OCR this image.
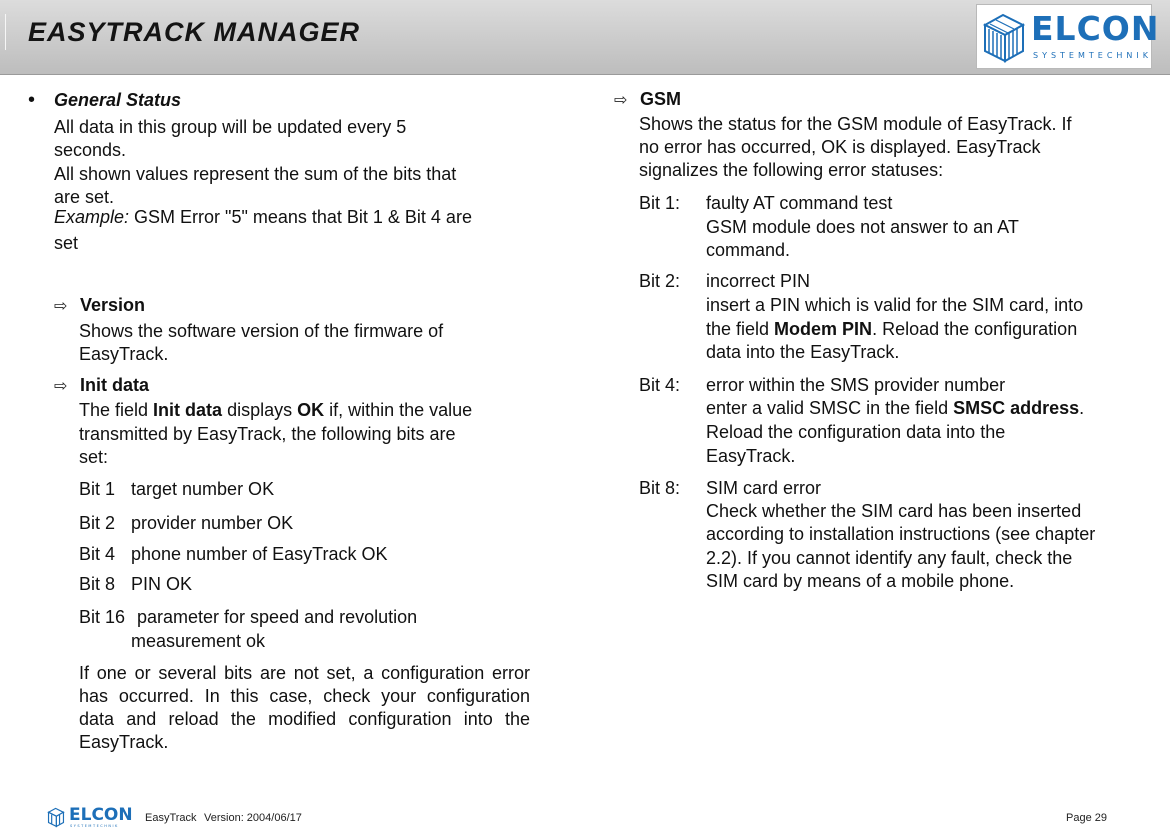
EASYTRACK MANAGER	ELCON
SYSTEMTECHNIK
• General Status
All data in this group will be updated every 5
seconds.
All shown values represent the sum of the bits that
are set.
Example: GSM Error "5" means that Bit 1 & Bit 4 are
set
⇨ Version
Shows the software version of the firmware of
EasyTrack.
⇨ Init data
The field Init data displays OK if, within the value
transmitted by EasyTrack, the following bits are
set:
Bit 1 target number OK
Bit 2 provider number OK
Bit 4 phone number of EasyTrack OK
Bit 8 PIN OK
Bit 16 parameter for speed and revolution
measurement ok
If one or several bits are not set, a configuration error has occurred. In this case, check your configuration data and reload the modified configuration into the EasyTrack.
⇨ GSM
Shows the status for the GSM module of EasyTrack. If
no error has occurred, OK is displayed. EasyTrack
signalizes the following error statuses:
Bit 1: faulty AT command test
GSM module does not answer to an AT
command.
Bit 2: incorrect PIN
insert a PIN which is valid for the SIM card, into
the field Modem PIN. Reload the configuration
data into the EasyTrack.
Bit 4: error within the SMS provider number
enter a valid SMSC in the field SMSC address.
Reload the configuration data into the
EasyTrack.
Bit 8: SIM card error
Check whether the SIM card has been inserted
according to installation instructions (see chapter
2.2). If you cannot identify any fault, check the
SIM card by means of a mobile phone.
ELCON
SYSTEMTECHNIK
EasyTrack Version: 2004/06/17	Page 29
